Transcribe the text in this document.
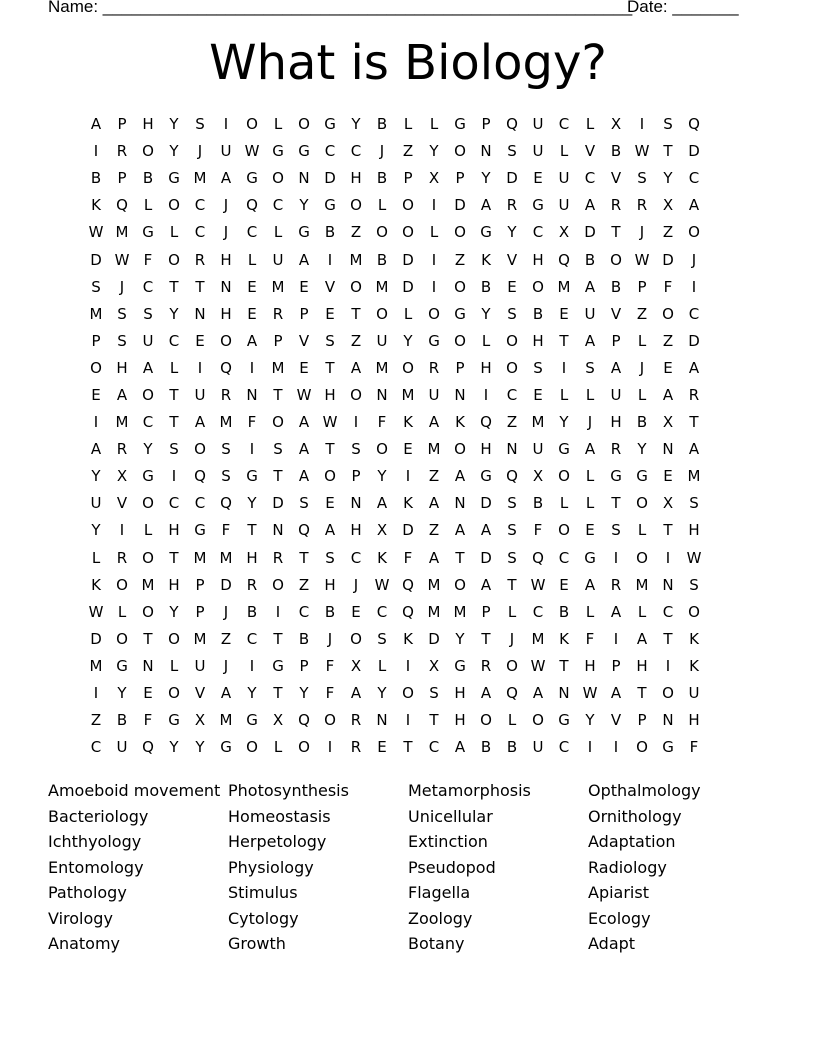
Name: ________________________________________________________
Date: _______
What is Biology?
A	P	H	Y	S	I	O	L	O G	Y	B	L	L	G	P	Q U	C	L	X	I	S	Q
I	R O	Y	J	U W G G C	C	J	Z	Y	O N	S	U	L	V	B W T	D
B	P	B	G M A	G O N D H	B	P	X	P	Y	D	E	U	C	V	S	Y	C
K	Q	L	O C	J	Q C	Y	G O	L	O	I	D	A	R G U	A	R	R	X	A
W M G	L	C	J	C	L	G	B	Z O O	L	O G	Y	C	X	D	T	J	Z O
D W F	O R	H	L	U	A	I	M B	D	I	Z	K	V	H Q B O W D	J
S	J	C	T	T	N	E M E	V O M D	I	O B	E	O M A	B	P	F	I
M S	S	Y	N H	E	R	P	E	T	O	L	O G	Y	S	B	E	U	V	Z O C
P	S	U	C	E	O A	P	V	S	Z	U	Y	G O	L	O H	T	A	P	L	Z	D
O H	A	L	I	Q	I	M E	T	A M O R	P	H O	S	I	S	A	J	E	A
E	A O	T	U	R	N	T W H O N M U N	I	C	E	L	L	U	L	A	R
I	M C	T	A M	F	O A W	I	F	K	A	K	Q Z M Y	J	H	B	X	T
A	R	Y	S	O	S	I	S	A	T	S	O	E M O H N U G	A	R	Y	N	A
Y	X	G	I	Q	S	G	T	A O	P	Y	I	Z	A	G Q X O	L	G G	E M
U	V O C	C Q	Y	D	S	E	N	A	K	A	N D	S	B	L	L	T	O X	S
Y	I	L	H G	F	T	N Q A	H	X	D	Z	A	A	S	F	O	E	S	L	T	H
L	R O	T M M H	R	T	S	C	K	F	A	T	D	S	Q C G	I	O	I	W
K	O M H	P	D	R O Z	H	J	W Q M O A	T W E	A	R M N	S
W L	O	Y	P	J	B	I	C	B	E	C Q M M	P	L	C	B	L	A	L	C O
D O	T	O M Z	C	T	B	J	O	S	K	D	Y	T	J	M K	F	I	A	T	K
M G N	L	U	J	I	G	P	F	X	L	I	X	G R O W T	H	P	H	I	K
I	Y	E	O V	A	Y	T	Y	F	A	Y	O	S	H	A Q A	N W A	T	O U
Z	B	F	G	X M G	X Q O R	N	I	T	H O	L	O G	Y	V	P	N H
C	U Q	Y	Y	G O	L	O	I	R	E	T	C	A	B	B	U	C	I	I	O G	F
Amoeboid movement
Bacteriology
Ichthyology
Entomology
Pathology
Virology
Anatomy
Photosynthesis
Homeostasis
Herpetology
Physiology
Stimulus
Cytology
Growth
Metamorphosis
Unicellular
Extinction
Pseudopod
Flagella
Zoology
Botany
Opthalmology
Ornithology
Adaptation
Radiology
Apiarist
Ecology
Adapt
